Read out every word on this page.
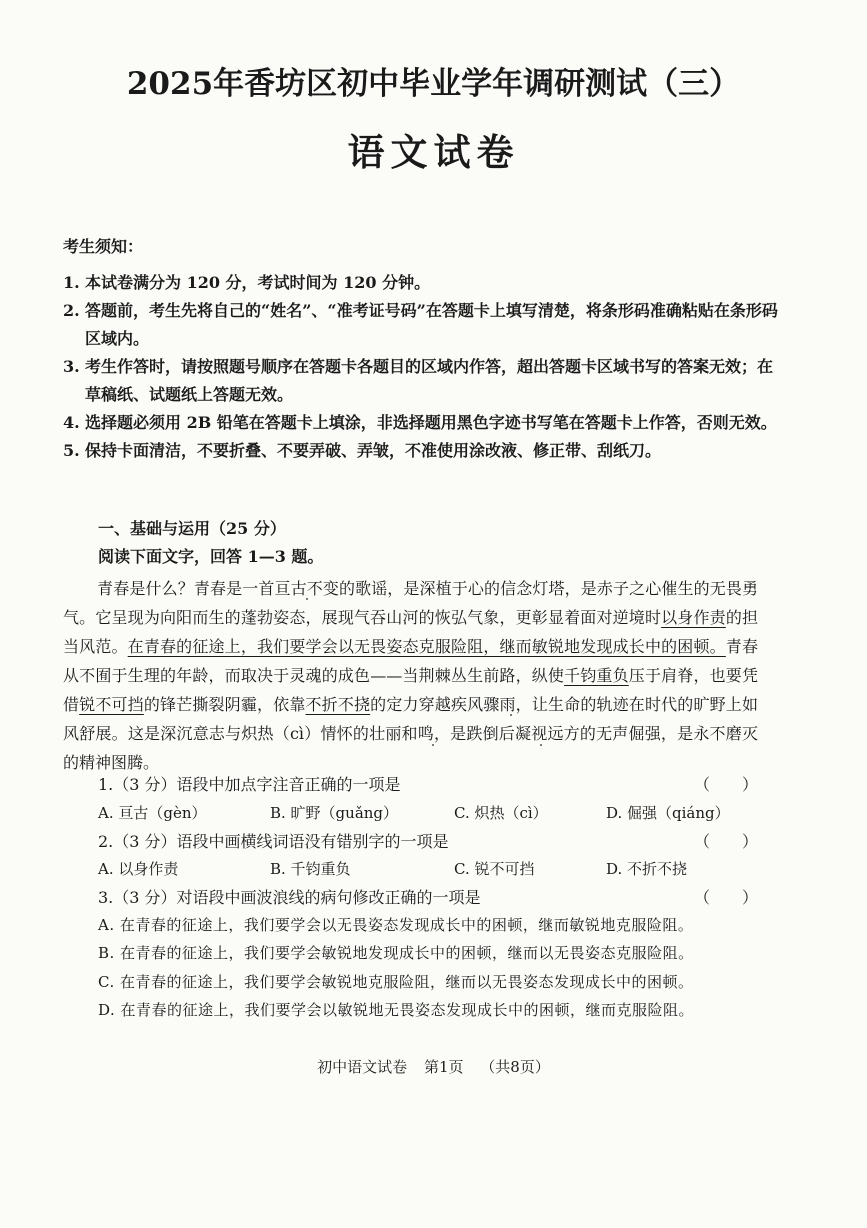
2025年香坊区初中毕业学年调研测试（三）
语文试卷
考生须知：
1. 本试卷满分为 120 分，考试时间为 120 分钟。
2. 答题前，考生先将自己的“姓名”、“准考证号码”在答题卡上填写清楚，将条形码准确粘贴在条形码区域内。
3. 考生作答时，请按照题号顺序在答题卡各题目的区域内作答，超出答题卡区域书写的答案无效；在草稿纸、试题纸上答题无效。
4. 选择题必须用 2B 铅笔在答题卡上填涂，非选择题用黑色字迹书写笔在答题卡上作答，否则无效。
5. 保持卡面清洁，不要折叠、不要弄破、弄皱，不准使用涂改液、修正带、刮纸刀。
一、基础与运用（25 分）
阅读下面文字，回答 1—3 题。
青春是什么？青春是一首亘古不变的歌谣，是深植于心的信念灯塔，是赤子之心催生的无畏勇气。它呈现为向阳而生的蓬勃姿态，展现气吞山河的恢弘气象，更彰显着面对逆境时以身作责的担当风范。在青春的征途上，我们要学会以无畏姿态克服险阻，继而敏锐地发现成长中的困顿。青春从不囿于生理的年龄，而取决于灵魂的成色——当荆棘丛生前路，纵使千钧重负压于肩脊，也要凭借锐不可挡的锋芒撕裂阴霾，依靠不折不挠的定力穿越疾风骤雨，让生命的轨迹在时代的旷野上如风舒展。这是深沉意志与炽热（cì）情怀的壮丽和鸣，是跌倒后凝视远方的无声倔强，是永不磨灭的精神图腾。
1.（3 分）语段中加点字注音正确的一项是	（　　）
A. 亘古（gèn）	B. 旷野（guǎng）	C. 炽热（cì）	D. 倔强（qiáng）
2.（3 分）语段中画横线词语没有错别字的一项是	（　　）
A. 以身作责	B. 千钧重负	C. 锐不可挡	D. 不折不挠
3.（3 分）对语段中画波浪线的病句修改正确的一项是	（　　）
A. 在青春的征途上，我们要学会以无畏姿态发现成长中的困顿，继而敏锐地克服险阻。
B. 在青春的征途上，我们要学会敏锐地发现成长中的困顿，继而以无畏姿态克服险阻。
C. 在青春的征途上，我们要学会敏锐地克服险阻，继而以无畏姿态发现成长中的困顿。
D. 在青春的征途上，我们要学会以敏锐地无畏姿态发现成长中的困顿，继而克服险阻。
初中语文试卷 第1页 （共8页）
